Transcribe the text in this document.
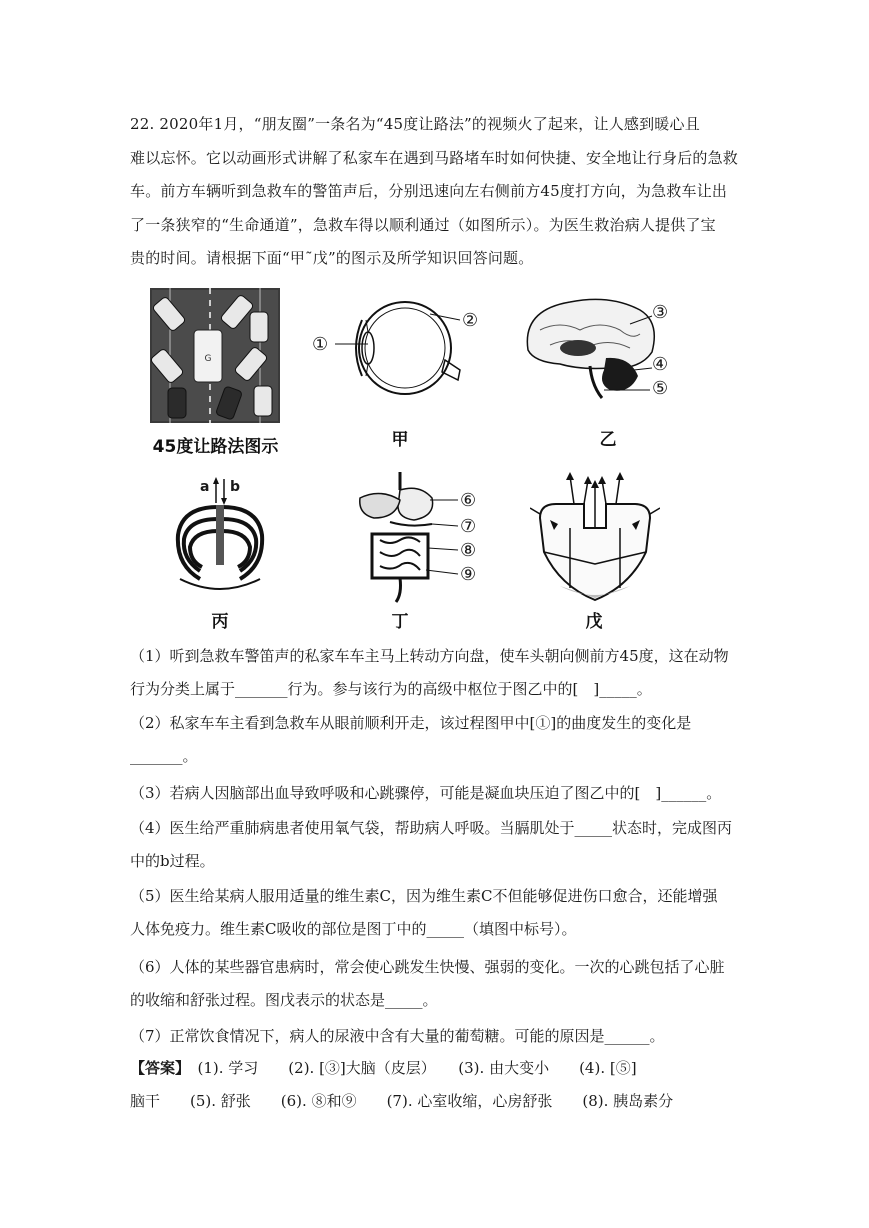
22. 2020年1月，“朋友圈”一条名为“45度让路法”的视频火了起来，让人感到暖心且
难以忘怀。它以动画形式讲解了私家车在遇到马路堵车时如何快捷、安全地让行身后的急救
车。前方车辆听到急救车的警笛声后，分别迅速向左右侧前方45度打方向，为急救车让出
了一条狭窄的“生命通道”，急救车得以顺利通过（如图所示）。为医生救治病人提供了宝
贵的时间。请根据下面“甲˜戊”的图示及所学知识回答问题。
G
45度让路法图示
①
②
甲
③
④
⑤
乙
a b
丙
⑥
⑦
⑧
⑨
丁	戊
（1）听到急救车警笛声的私家车车主马上转动方向盘，使车头朝向侧前方45度，这在动物
行为分类上属于_______行为。参与该行为的高级中枢位于图乙中的[　]_____。
（2）私家车车主看到急救车从眼前顺利开走，该过程图甲中[①]的曲度发生的变化是
_______。
（3）若病人因脑部出血导致呼吸和心跳骤停，可能是凝血块压迫了图乙中的[　]______。
（4）医生给严重肺病患者使用氧气袋，帮助病人呼吸。当膈肌处于_____状态时，完成图丙
中的b过程。
（5）医生给某病人服用适量的维生素C，因为维生素C不但能够促进伤口愈合，还能增强
人体免疫力。维生素C吸收的部位是图丁中的_____（填图中标号）。
（6）人体的某些器官患病时，常会使心跳发生快慢、强弱的变化。一次的心跳包括了心脏
的收缩和舒张过程。图戊表示的状态是_____。
（7）正常饮食情况下，病人的尿液中含有大量的葡萄糖。可能的原因是______。
【答案】　(1). 学习　　(2). [③]大脑（皮层）　　(3). 由大变小　　(4). [⑤]
脑干　　(5). 舒张　　(6). ⑧和⑨　　(7). 心室收缩，心房舒张　　(8). 胰岛素分
